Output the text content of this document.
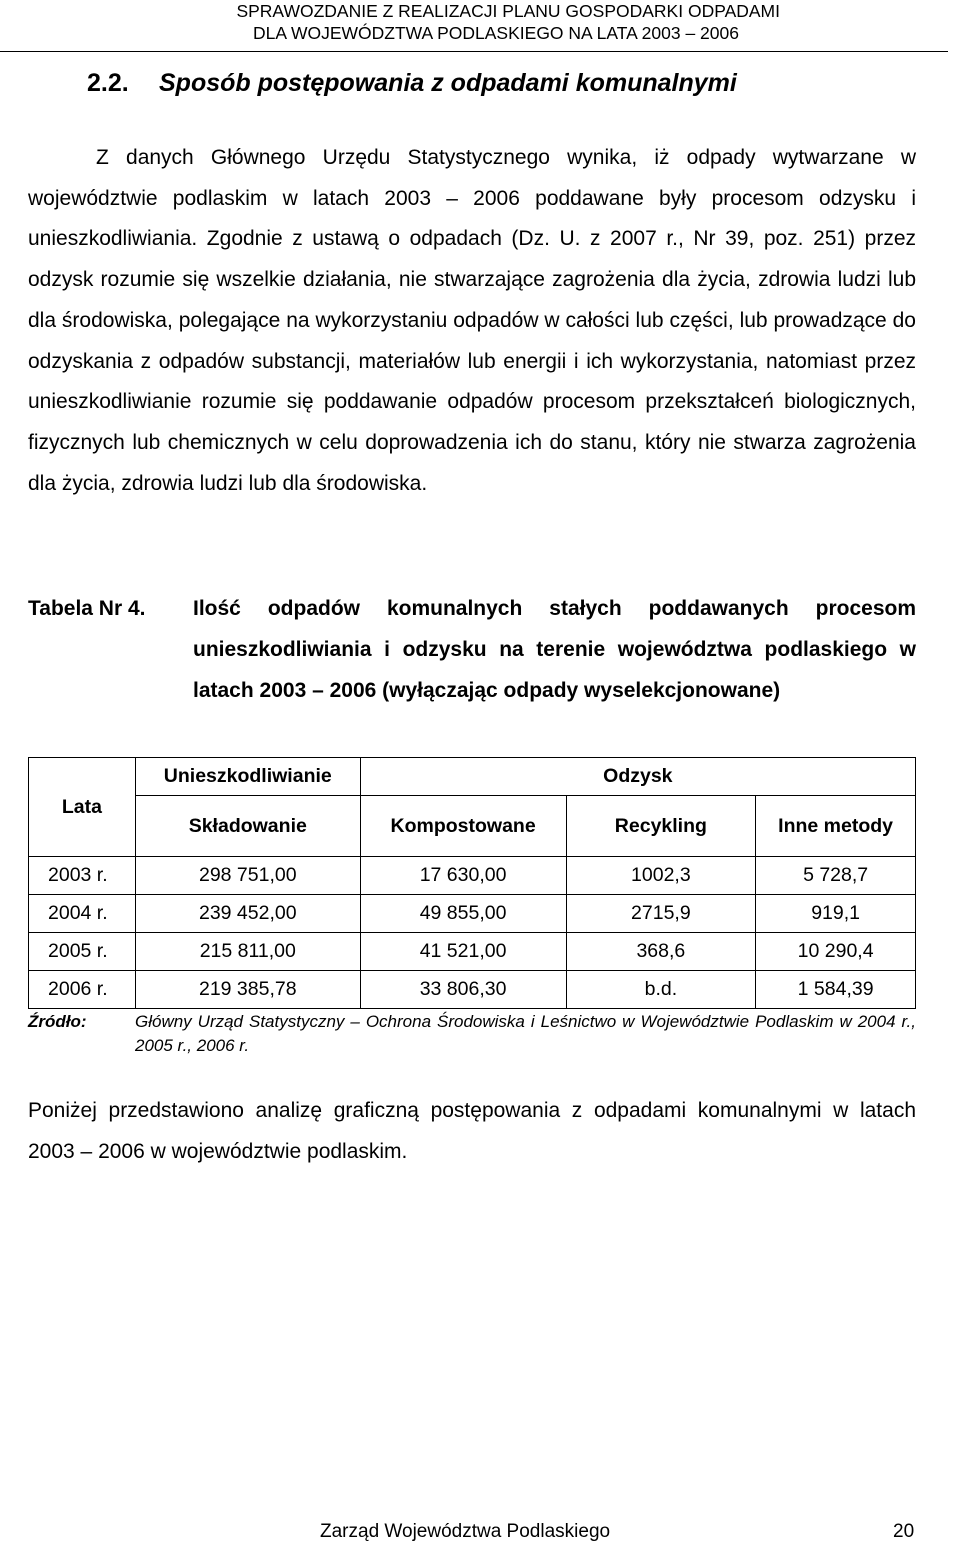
SPRAWOZDANIE Z REALIZACJI PLANU GOSPODARKI ODPADAMI
DLA WOJEWÓDZTWA PODLASKIEGO NA LATA 2003 – 2006
2.2. Sposób postępowania z odpadami komunalnymi

Z danych Głównego Urzędu Statystycznego wynika, iż odpady wytwarzane w województwie podlaskim w latach 2003 – 2006 poddawane były procesom odzysku i unieszkodliwiania. Zgodnie z ustawą o odpadach (Dz. U. z 2007 r., Nr 39, poz. 251) przez odzysk rozumie się wszelkie działania, nie stwarzające zagrożenia dla życia, zdrowia ludzi lub dla środowiska, polegające na wykorzystaniu odpadów w całości lub części, lub prowadzące do odzyskania z odpadów substancji, materiałów lub energii i ich wykorzystania, natomiast przez unieszkodliwianie rozumie się poddawanie odpadów procesom przekształceń biologicznych, fizycznych lub chemicznych w celu doprowadzenia ich do stanu, który nie stwarza zagrożenia dla życia, zdrowia ludzi lub dla środowiska.

Tabela Nr 4. Ilość odpadów komunalnych stałych poddawanych procesom unieszkodliwiania i odzysku na terenie województwa podlaskiego w latach 2003 – 2006 (wyłączając odpady wyselekcjonowane)

Lata	Unieszkodliwianie	Odzysk		
	Składowanie	Kompostowane	Recykling	Inne metody
2003 r.	298 751,00	17 630,00	1002,3	5 728,7
2004 r.	239 452,00	49 855,00	2715,9	919,1
2005 r.	215 811,00	41 521,00	368,6	10 290,4
2006 r.	219 385,78	33 806,30	b.d.	1 584,39
Źródło:	Główny Urząd Statystyczny – Ochrona Środowiska i Leśnictwo w Województwie Podlaskim w 2004 r., 2005 r., 2006 r.

Poniżej przedstawiono analizę graficzną postępowania z odpadami komunalnymi w latach 2003 – 2006 w województwie podlaskim.

Zarząd Województwa Podlaskiego	20
